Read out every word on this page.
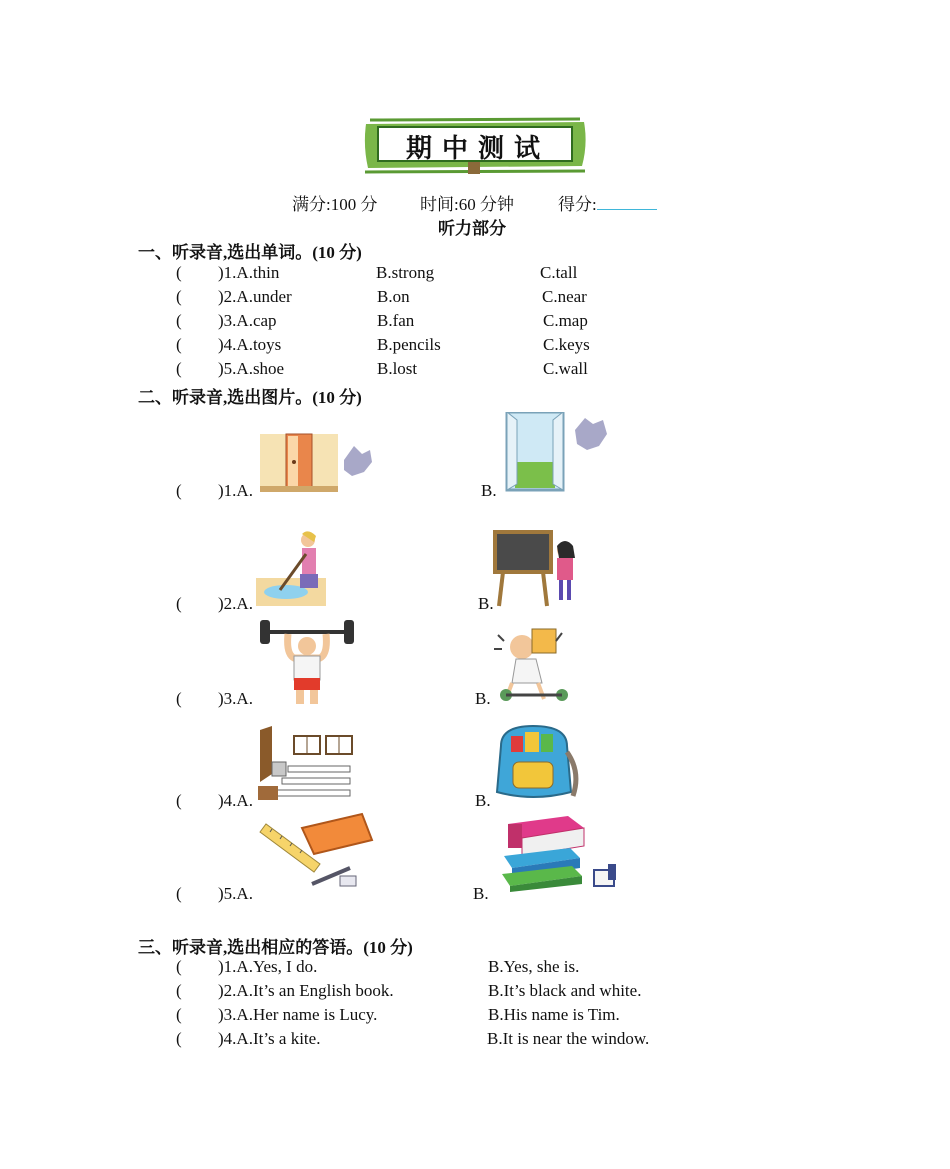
期中测试
满分:100 分	时间:60 分钟	得分:
听力部分
一、听录音,选出单词。(10 分)
( )1.A.thin	B.strong	C.tall
( )2.A.under	B.on	C.near
( )3.A.cap	B.fan	C.map
( )4.A.toys	B.pencils	C.keys
( )5.A.shoe	B.lost	C.wall
二、听录音,选出图片。(10 分)
( )1.A.	B.
( )2.A.	B.
( )3.A.	B.
( )4.A.	B.
( )5.A.	B.
三、听录音,选出相应的答语。(10 分)
( )1.A.Yes, I do.	B.Yes, she is.
( )2.A.It’s an English book.	B.It’s black and white.
( )3.A.Her name is Lucy.	B.His name is Tim.
( )4.A.It’s a kite.	B.It is near the window.
